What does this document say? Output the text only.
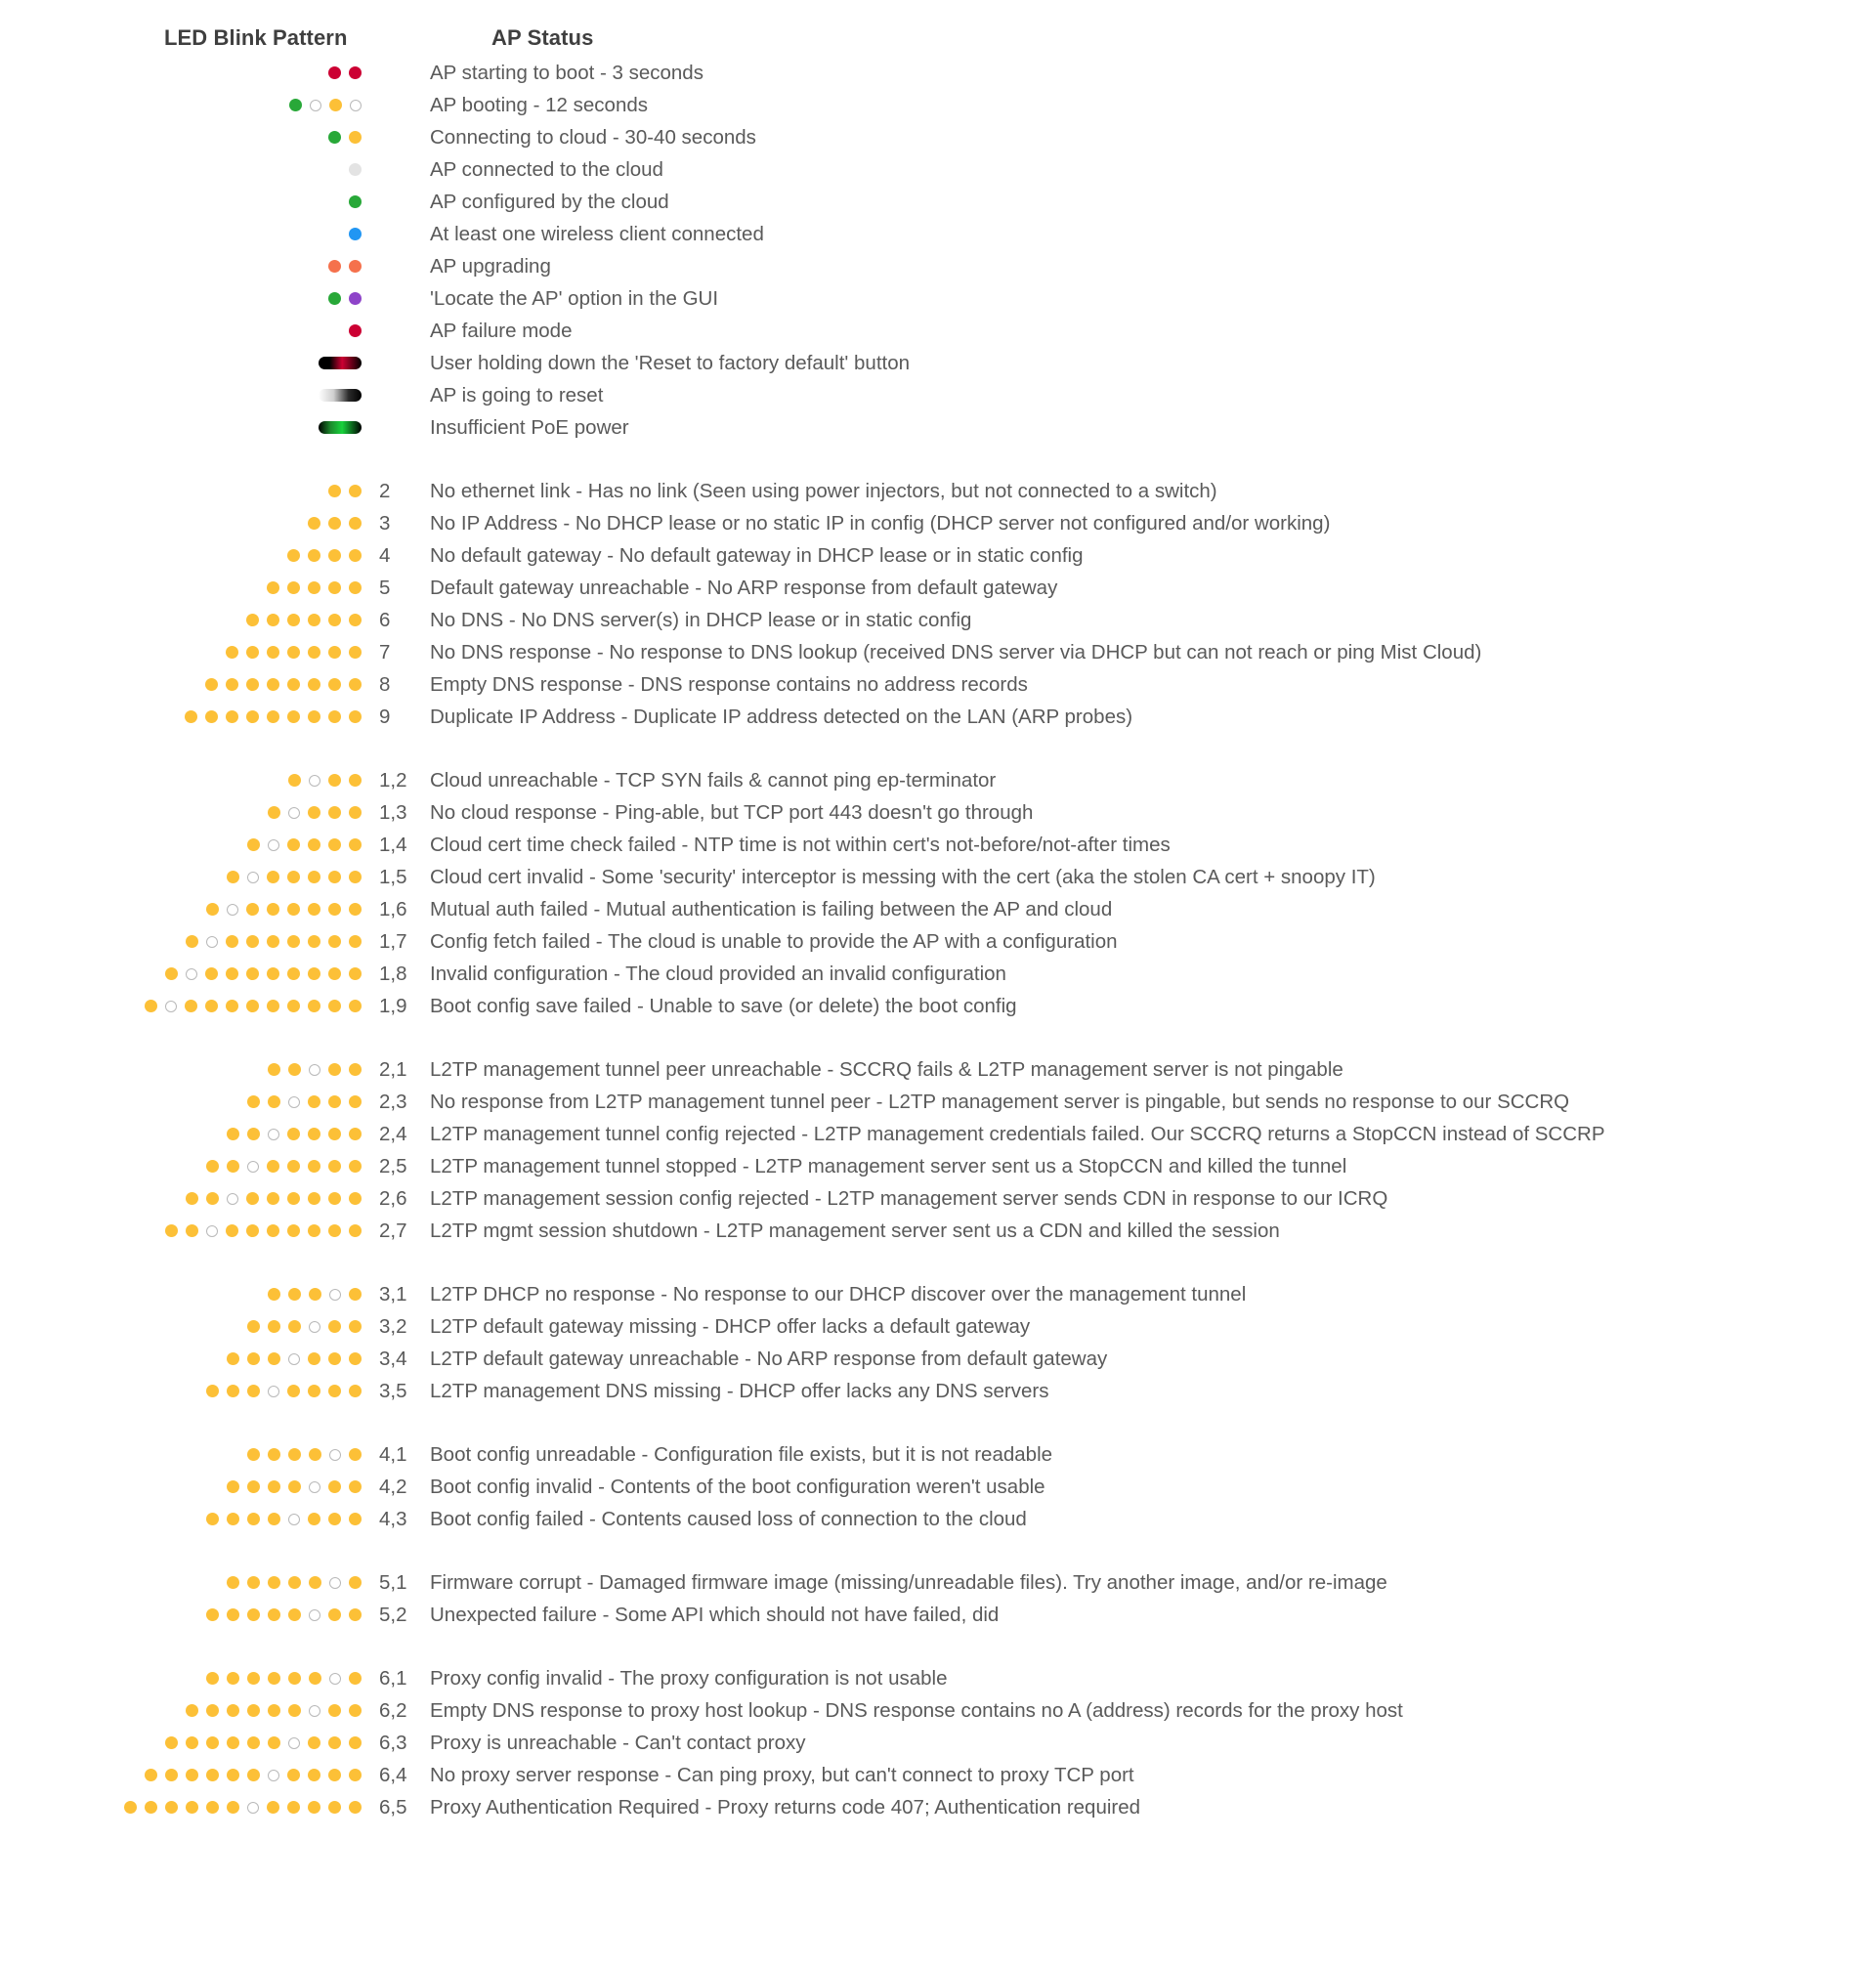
LED Blink Pattern	AP Status
AP starting to boot - 3 seconds
AP booting - 12 seconds
Connecting to cloud - 30-40 seconds
AP connected to the cloud
AP configured by the cloud
At least one wireless client connected
AP upgrading
'Locate the AP' option in the GUI
AP failure mode
User holding down the 'Reset to factory default' button
AP is going to reset
Insufficient PoE power
2	No ethernet link - Has no link (Seen using power injectors, but not connected to a switch)
3	No IP Address - No DHCP lease or no static IP in config (DHCP server not configured and/or working)
4	No default gateway - No default gateway in DHCP lease or in static config
5	Default gateway unreachable - No ARP response from default gateway
6	No DNS - No DNS server(s) in DHCP lease or in static config
7	No DNS response - No response to DNS lookup (received DNS server via DHCP but can not reach or ping Mist Cloud)
8	Empty DNS response - DNS response contains no address records
9	Duplicate IP Address - Duplicate IP address detected on the LAN (ARP probes)
1,2	Cloud unreachable - TCP SYN fails & cannot ping ep-terminator
1,3	No cloud response - Ping-able, but TCP port 443 doesn't go through
1,4	Cloud cert time check failed - NTP time is not within cert's not-before/not-after times
1,5	Cloud cert invalid - Some 'security' interceptor is messing with the cert (aka the stolen CA cert + snoopy IT)
1,6	Mutual auth failed - Mutual authentication is failing between the AP and cloud
1,7	Config fetch failed - The cloud is unable to provide the AP with a configuration
1,8	Invalid configuration - The cloud provided an invalid configuration
1,9	Boot config save failed - Unable to save (or delete) the boot config
2,1	L2TP management tunnel peer unreachable - SCCRQ fails & L2TP management server is not pingable
2,3	No response from L2TP management tunnel peer - L2TP management server is pingable, but sends no response to our SCCRQ
2,4	L2TP management tunnel config rejected - L2TP management credentials failed. Our SCCRQ returns a StopCCN instead of SCCRP
2,5	L2TP management tunnel stopped - L2TP management server sent us a StopCCN and killed the tunnel
2,6	L2TP management session config rejected - L2TP management server sends CDN in response to our ICRQ
2,7	L2TP mgmt session shutdown - L2TP management server sent us a CDN and killed the session
3,1	L2TP DHCP no response - No response to our DHCP discover over the management tunnel
3,2	L2TP default gateway missing - DHCP offer lacks a default gateway
3,4	L2TP default gateway unreachable - No ARP response from default gateway
3,5	L2TP management DNS missing - DHCP offer lacks any DNS servers
4,1	Boot config unreadable - Configuration file exists, but it is not readable
4,2	Boot config invalid - Contents of the boot configuration weren't usable
4,3	Boot config failed - Contents caused loss of connection to the cloud
5,1	Firmware corrupt - Damaged firmware image (missing/unreadable files). Try another image, and/or re-image
5,2	Unexpected failure - Some API which should not have failed, did
6,1	Proxy config invalid - The proxy configuration is not usable
6,2	Empty DNS response to proxy host lookup - DNS response contains no A (address) records for the proxy host
6,3	Proxy is unreachable - Can't contact proxy
6,4	No proxy server response - Can ping proxy, but can't connect to proxy TCP port
6,5	Proxy Authentication Required - Proxy returns code 407; Authentication required
